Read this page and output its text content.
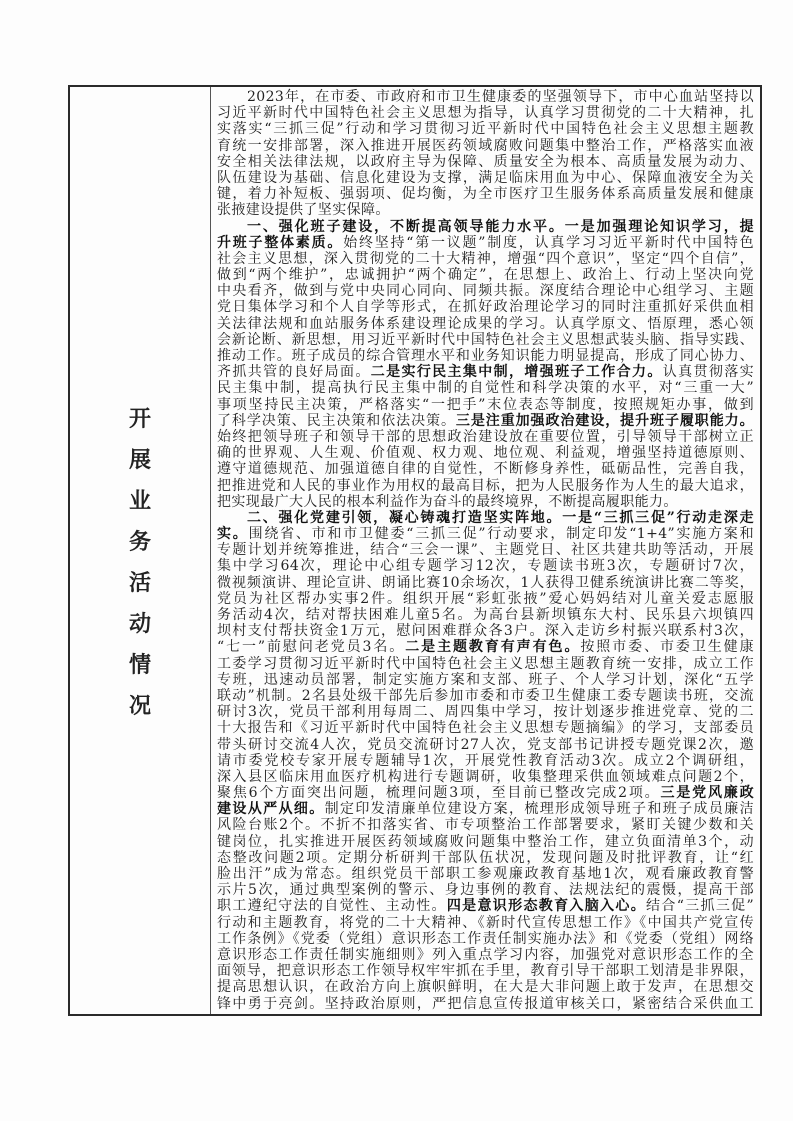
开
展
业
务
活
动
情
况
2023年，在市委、市政府和市卫生健康委的坚强领导下，市中心血站坚持以
习近平新时代中国特色社会主义思想为指导，认真学习贯彻党的二十大精神，扎
实落实“三抓三促”行动和学习贯彻习近平新时代中国特色社会主义思想主题教
育统一安排部署，深入推进开展医药领域腐败问题集中整治工作，严格落实血液
安全相关法律法规，以政府主导为保障、质量安全为根本、高质量发展为动力、
队伍建设为基础、信息化建设为支撑，满足临床用血为中心、保障血液安全为关
键，着力补短板、强弱项、促均衡，为全市医疗卫生服务体系高质量发展和健康
张掖建设提供了坚实保障。
一、强化班子建设，不断提高领导能力水平。一是加强理论知识学习，提
升班子整体素质。始终坚持“第一议题”制度，认真学习习近平新时代中国特色
社会主义思想，深入贯彻党的二十大精神，增强“四个意识”，坚定“四个自信”，
做到“两个维护”，忠诚拥护“两个确定”，在思想上、政治上、行动上坚决向党
中央看齐，做到与党中央同心同向、同频共振。深度结合理论中心组学习、主题
党日集体学习和个人自学等形式，在抓好政治理论学习的同时注重抓好采供血相
关法律法规和血站服务体系建设理论成果的学习。认真学原文、悟原理，悉心领
会新论断、新思想，用习近平新时代中国特色社会主义思想武装头脑、指导实践、
推动工作。班子成员的综合管理水平和业务知识能力明显提高，形成了同心协力、
齐抓共管的良好局面。二是实行民主集中制，增强班子工作合力。认真贯彻落实
民主集中制，提高执行民主集中制的自觉性和科学决策的水平，对“三重一大”
事项坚持民主决策，严格落实“一把手”末位表态等制度，按照规矩办事，做到
了科学决策、民主决策和依法决策。三是注重加强政治建设，提升班子履职能力。
始终把领导班子和领导干部的思想政治建设放在重要位置，引导领导干部树立正
确的世界观、人生观、价值观、权力观、地位观、利益观，增强坚持道德原则、
遵守道德规范、加强道德自律的自觉性，不断修身养性，砥砺品性，完善自我，
把推进党和人民的事业作为用权的最高目标，把为人民服务作为人生的最大追求，
把实现最广大人民的根本利益作为奋斗的最终境界，不断提高履职能力。
二、强化党建引领，凝心铸魂打造坚实阵地。一是“三抓三促”行动走深走
实。围绕省、市和市卫健委“三抓三促”行动要求，制定印发“1+4”实施方案和
专题计划并统筹推进，结合“三会一课”、主题党日、社区共建共助等活动，开展
集中学习64次，理论中心组专题学习12次，专题读书班3次，专题研讨7次，
微视频演讲、理论宣讲、朗诵比赛10余场次，1人获得卫健系统演讲比赛二等奖，
党员为社区帮办实事2件。组织开展“彩虹张掖”爱心妈妈结对儿童关爱志愿服
务活动4次，结对帮扶困难儿童5名。为高台县新坝镇东大村、民乐县六坝镇四
坝村支付帮扶资金1万元，慰问困难群众各3户。深入走访乡村振兴联系村3次，
“七一”前慰问老党员3名。二是主题教育有声有色。按照市委、市委卫生健康
工委学习贯彻习近平新时代中国特色社会主义思想主题教育统一安排，成立工作
专班，迅速动员部署，制定实施方案和支部、班子、个人学习计划，深化“五学
联动”机制。2名县处级干部先后参加市委和市委卫生健康工委专题读书班，交流
研讨3次，党员干部利用每周二、周四集中学习，按计划逐步推进党章、党的二
十大报告和《习近平新时代中国特色社会主义思想专题摘编》的学习，支部委员
带头研讨交流4人次，党员交流研讨27人次，党支部书记讲授专题党课2次，邀
请市委党校专家开展专题辅导1次，开展党性教育活动3次。成立2个调研组，
深入县区临床用血医疗机构进行专题调研，收集整理采供血领域难点问题2个，
聚焦6个方面突出问题，梳理问题3项，至目前已整改完成2项。三是党风廉政
建设从严从细。制定印发清廉单位建设方案，梳理形成领导班子和班子成员廉洁
风险台账2个。不折不扣落实省、市专项整治工作部署要求，紧盯关键少数和关
键岗位，扎实推进开展医药领域腐败问题集中整治工作，建立负面清单3个，动
态整改问题2项。定期分析研判干部队伍状况，发现问题及时批评教育，让“红
脸出汗”成为常态。组织党员干部职工参观廉政教育基地1次，观看廉政教育警
示片5次，通过典型案例的警示、身边事例的教育、法规法纪的震慑，提高干部
职工遵纪守法的自觉性、主动性。四是意识形态教育入脑入心。结合“三抓三促”
行动和主题教育，将党的二十大精神、《新时代宣传思想工作》《中国共产党宣传
工作条例》《党委（党组）意识形态工作责任制实施办法》和《党委（党组）网络
意识形态工作责任制实施细则》列入重点学习内容，加强党对意识形态工作的全
面领导，把意识形态工作领导权牢牢抓在手里，教育引导干部职工划清是非界限，
提高思想认识，在政治方向上旗帜鲜明，在大是大非问题上敢于发声，在思想交
锋中勇于亮剑。坚持政治原则，严把信息宣传报道审核关口，紧密结合采供血工
